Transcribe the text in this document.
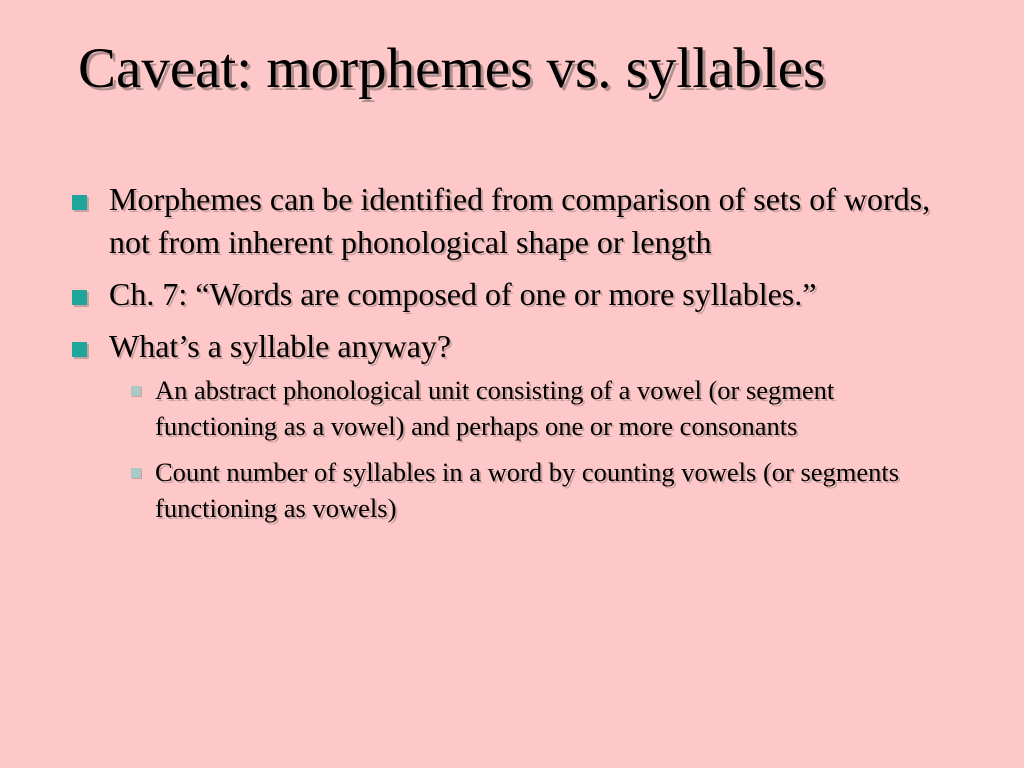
Caveat: morphemes vs. syllables
Morphemes can be identified from comparison of sets of words, not from inherent phonological shape or length
Ch. 7: “Words are composed of one or more syllables.”
What’s a syllable anyway?
An abstract phonological unit consisting of a vowel (or segment functioning as a vowel) and perhaps one or more consonants
Count number of syllables in a word by counting vowels (or segments functioning as vowels)
